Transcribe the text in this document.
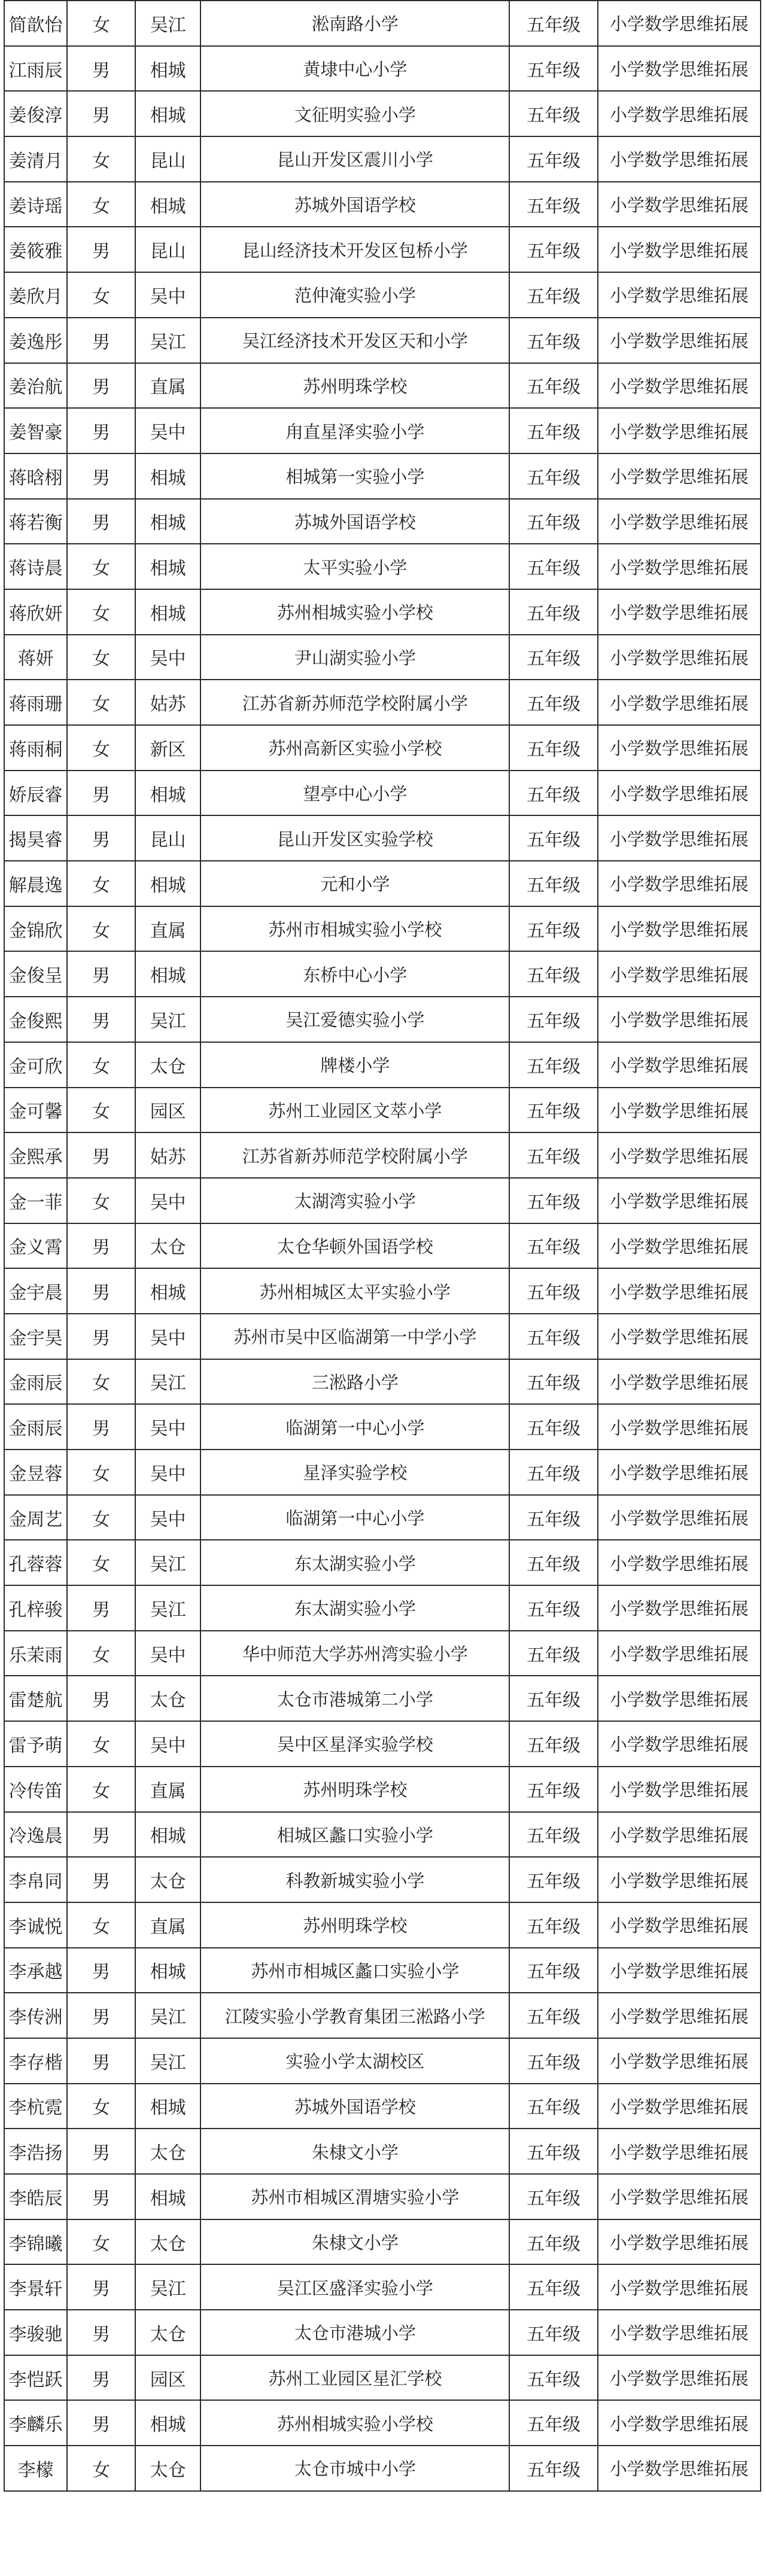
简歆怡	女	吴江	淞南路小学	五年级	小学数学思维拓展
江雨辰	男	相城	黄埭中心小学	五年级	小学数学思维拓展
姜俊淳	男	相城	文征明实验小学	五年级	小学数学思维拓展
姜清月	女	昆山	昆山开发区震川小学	五年级	小学数学思维拓展
姜诗瑶	女	相城	苏城外国语学校	五年级	小学数学思维拓展
姜筱雅	男	昆山	昆山经济技术开发区包桥小学	五年级	小学数学思维拓展
姜欣月	女	吴中	范仲淹实验小学	五年级	小学数学思维拓展
姜逸彤	男	吴江	吴江经济技术开发区天和小学	五年级	小学数学思维拓展
姜治航	男	直属	苏州明珠学校	五年级	小学数学思维拓展
姜智豪	男	吴中	甪直星泽实验小学	五年级	小学数学思维拓展
蒋晗栩	男	相城	相城第一实验小学	五年级	小学数学思维拓展
蒋若衡	男	相城	苏城外国语学校	五年级	小学数学思维拓展
蒋诗晨	女	相城	太平实验小学	五年级	小学数学思维拓展
蒋欣妍	女	相城	苏州相城实验小学校	五年级	小学数学思维拓展
蒋妍	女	吴中	尹山湖实验小学	五年级	小学数学思维拓展
蒋雨珊	女	姑苏	江苏省新苏师范学校附属小学	五年级	小学数学思维拓展
蒋雨桐	女	新区	苏州高新区实验小学校	五年级	小学数学思维拓展
娇辰睿	男	相城	望亭中心小学	五年级	小学数学思维拓展
揭昊睿	男	昆山	昆山开发区实验学校	五年级	小学数学思维拓展
解晨逸	女	相城	元和小学	五年级	小学数学思维拓展
金锦欣	女	直属	苏州市相城实验小学校	五年级	小学数学思维拓展
金俊呈	男	相城	东桥中心小学	五年级	小学数学思维拓展
金俊熙	男	吴江	吴江爱德实验小学	五年级	小学数学思维拓展
金可欣	女	太仓	牌楼小学	五年级	小学数学思维拓展
金可馨	女	园区	苏州工业园区文萃小学	五年级	小学数学思维拓展
金熙承	男	姑苏	江苏省新苏师范学校附属小学	五年级	小学数学思维拓展
金一菲	女	吴中	太湖湾实验小学	五年级	小学数学思维拓展
金义霄	男	太仓	太仓华顿外国语学校	五年级	小学数学思维拓展
金宇晨	男	相城	苏州相城区太平实验小学	五年级	小学数学思维拓展
金宇昊	男	吴中	苏州市吴中区临湖第一中学小学	五年级	小学数学思维拓展
金雨辰	女	吴江	三淞路小学	五年级	小学数学思维拓展
金雨辰	男	吴中	临湖第一中心小学	五年级	小学数学思维拓展
金昱蓉	女	吴中	星泽实验学校	五年级	小学数学思维拓展
金周艺	女	吴中	临湖第一中心小学	五年级	小学数学思维拓展
孔蓉蓉	女	吴江	东太湖实验小学	五年级	小学数学思维拓展
孔梓骏	男	吴江	东太湖实验小学	五年级	小学数学思维拓展
乐茉雨	女	吴中	华中师范大学苏州湾实验小学	五年级	小学数学思维拓展
雷楚航	男	太仓	太仓市港城第二小学	五年级	小学数学思维拓展
雷予萌	女	吴中	吴中区星泽实验学校	五年级	小学数学思维拓展
冷传笛	女	直属	苏州明珠学校	五年级	小学数学思维拓展
冷逸晨	男	相城	相城区蠡口实验小学	五年级	小学数学思维拓展
李帛同	男	太仓	科教新城实验小学	五年级	小学数学思维拓展
李诚悦	女	直属	苏州明珠学校	五年级	小学数学思维拓展
李承越	男	相城	苏州市相城区蠡口实验小学	五年级	小学数学思维拓展
李传洲	男	吴江	江陵实验小学教育集团三淞路小学	五年级	小学数学思维拓展
李存楷	男	吴江	实验小学太湖校区	五年级	小学数学思维拓展
李杭霓	女	相城	苏城外国语学校	五年级	小学数学思维拓展
李浩扬	男	太仓	朱棣文小学	五年级	小学数学思维拓展
李皓辰	男	相城	苏州市相城区渭塘实验小学	五年级	小学数学思维拓展
李锦曦	女	太仓	朱棣文小学	五年级	小学数学思维拓展
李景轩	男	吴江	吴江区盛泽实验小学	五年级	小学数学思维拓展
李骏驰	男	太仓	太仓市港城小学	五年级	小学数学思维拓展
李恺跃	男	园区	苏州工业园区星汇学校	五年级	小学数学思维拓展
李麟乐	男	相城	苏州相城实验小学校	五年级	小学数学思维拓展
李檬	女	太仓	太仓市城中小学	五年级	小学数学思维拓展
